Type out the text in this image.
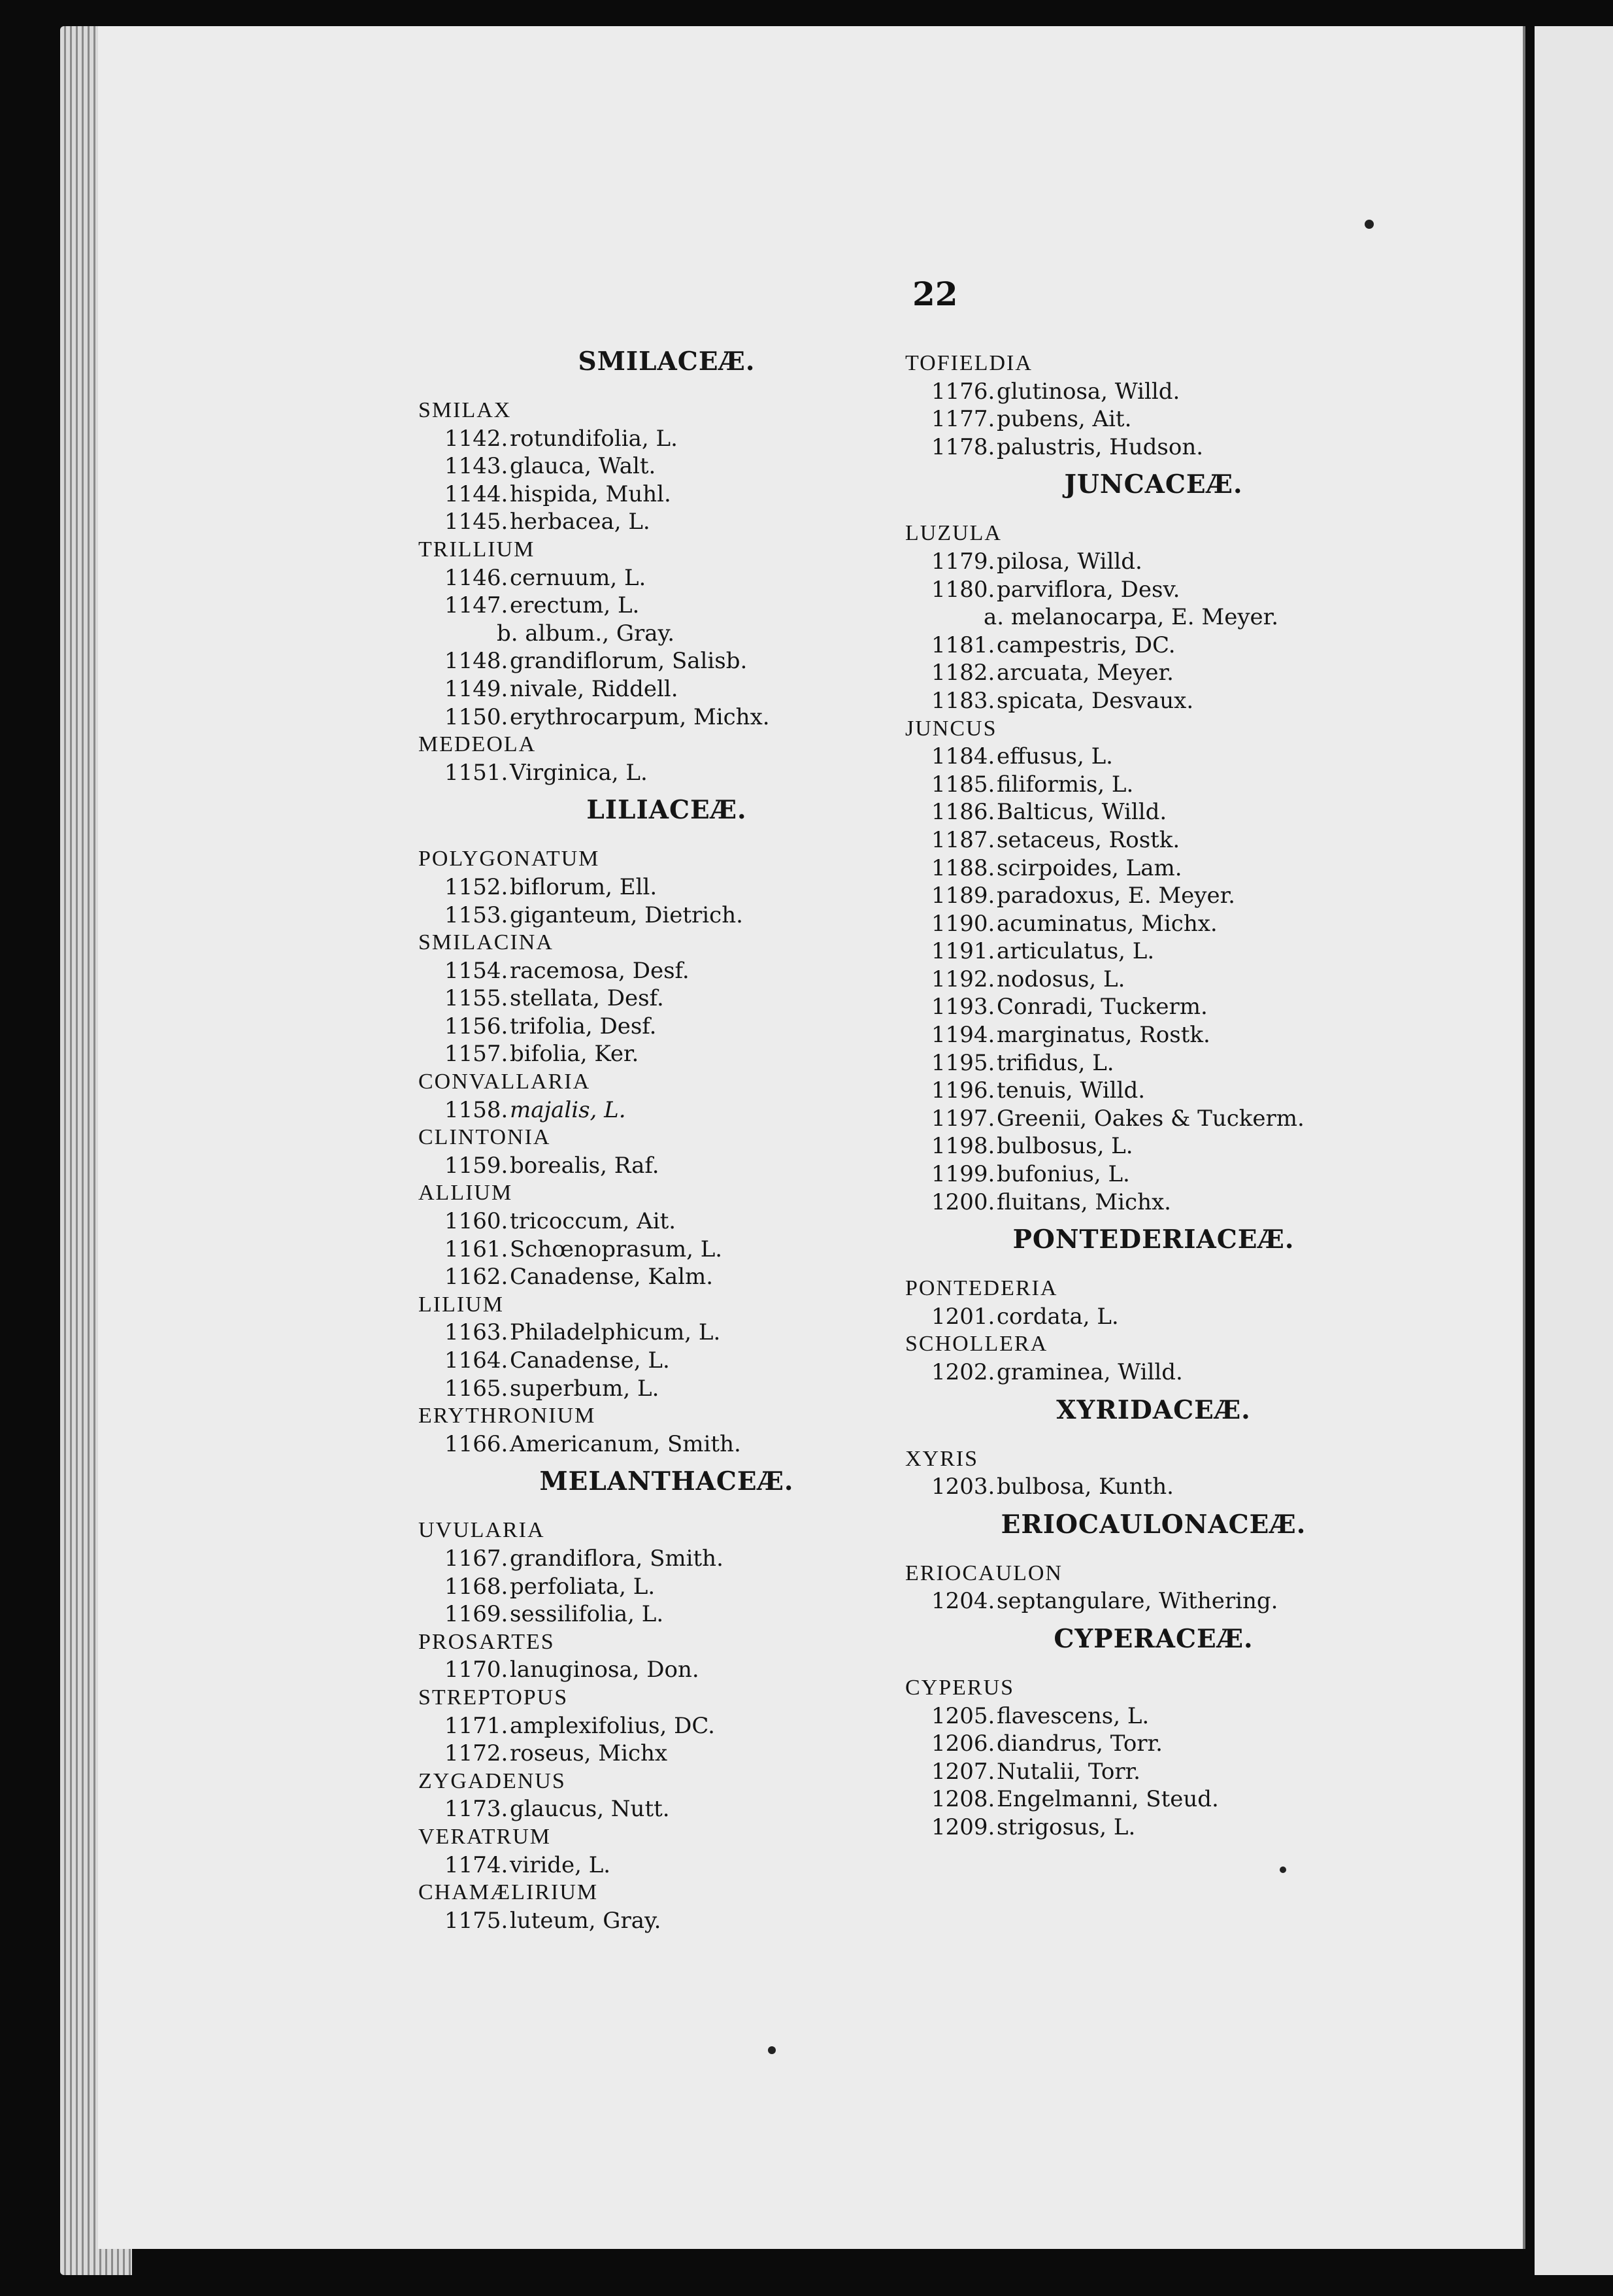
22
SMILACEÆ.
SMILAX
1142.rotundifolia, L.
1143.glauca, Walt.
1144.hispida, Muhl.
1145.herbacea, L.
TRILLIUM
1146.cernuum, L.
1147.erectum, L.
b. album., Gray.
1148.grandiflorum, Salisb.
1149.nivale, Riddell.
1150.erythrocarpum, Michx.
MEDEOLA
1151.Virginica, L.
LILIACEÆ.
POLYGONATUM
1152.biflorum, Ell.
1153.giganteum, Dietrich.
SMILACINA
1154.racemosa, Desf.
1155.stellata, Desf.
1156.trifolia, Desf.
1157.bifolia, Ker.
CONVALLARIA
1158.majalis, L.
CLINTONIA
1159.borealis, Raf.
ALLIUM
1160.tricoccum, Ait.
1161.Schœnoprasum, L.
1162.Canadense, Kalm.
LILIUM
1163.Philadelphicum, L.
1164.Canadense, L.
1165.superbum, L.
ERYTHRONIUM
1166.Americanum, Smith.
MELANTHACEÆ.
UVULARIA
1167.grandiflora, Smith.
1168.perfoliata, L.
1169.sessilifolia, L.
PROSARTES
1170.lanuginosa, Don.
STREPTOPUS
1171.amplexifolius, DC.
1172.roseus, Michx
ZYGADENUS
1173.glaucus, Nutt.
VERATRUM
1174.viride, L.
CHAMÆLIRIUM
1175.luteum, Gray.
TOFIELDIA
1176.glutinosa, Willd.
1177.pubens, Ait.
1178.palustris, Hudson.
JUNCACEÆ.
LUZULA
1179.pilosa, Willd.
1180.parviflora, Desv.
a. melanocarpa, E. Meyer.
1181.campestris, DC.
1182.arcuata, Meyer.
1183.spicata, Desvaux.
JUNCUS
1184.effusus, L.
1185.filiformis, L.
1186.Balticus, Willd.
1187.setaceus, Rostk.
1188.scirpoides, Lam.
1189.paradoxus, E. Meyer.
1190.acuminatus, Michx.
1191.articulatus, L.
1192.nodosus, L.
1193.Conradi, Tuckerm.
1194.marginatus, Rostk.
1195.trifidus, L.
1196.tenuis, Willd.
1197.Greenii, Oakes & Tuckerm.
1198.bulbosus, L.
1199.bufonius, L.
1200.fluitans, Michx.
PONTEDERIACEÆ.
PONTEDERIA
1201.cordata, L.
SCHOLLERA
1202.graminea, Willd.
XYRIDACEÆ.
XYRIS
1203.bulbosa, Kunth.
ERIOCAULONACEÆ.
ERIOCAULON
1204.septangulare, Withering.
CYPERACEÆ.
CYPERUS
1205.flavescens, L.
1206.diandrus, Torr.
1207.Nutalii, Torr.
1208.Engelmanni, Steud.
1209.strigosus, L.
